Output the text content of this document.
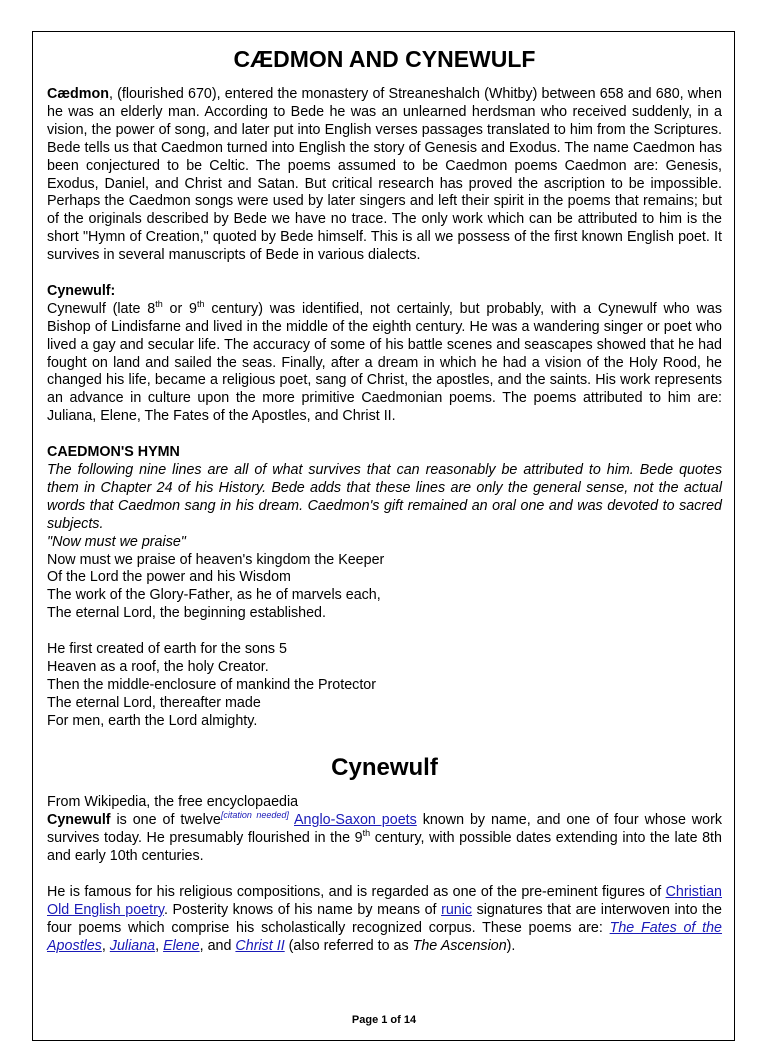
CÆDMON AND CYNEWULF

Cædmon, (flourished 670), entered the monastery of Streaneshalch (Whitby) between 658 and 680, when he was an elderly man. According to Bede he was an unlearned herdsman who received suddenly, in a vision, the power of song, and later put into English verses passages translated to him from the Scriptures. Bede tells us that Caedmon turned into English the story of Genesis and Exodus. The name Caedmon has been conjectured to be Celtic. The poems assumed to be Caedmon poems Caedmon are: Genesis, Exodus, Daniel, and Christ and Satan. But critical research has proved the ascription to be impossible. Perhaps the Caedmon songs were used by later singers and left their spirit in the poems that remains; but of the originals described by Bede we have no trace. The only work which can be attributed to him is the short "Hymn of Creation," quoted by Bede himself. This is all we possess of the first known English poet. It survives in several manuscripts of Bede in various dialects.

Cynewulf:

Cynewulf (late 8th or 9th century) was identified, not certainly, but probably, with a Cynewulf who was Bishop of Lindisfarne and lived in the middle of the eighth century. He was a wandering singer or poet who lived a gay and secular life. The accuracy of some of his battle scenes and seascapes showed that he had fought on land and sailed the seas. Finally, after a dream in which he had a vision of the Holy Rood, he changed his life, became a religious poet, sang of Christ, the apostles, and the saints. His work represents an advance in culture upon the more primitive Caedmonian poems. The poems attributed to him are: Juliana, Elene, The Fates of the Apostles, and Christ II.

CAEDMON'S HYMN

The following nine lines are all of what survives that can reasonably be attributed to him. Bede quotes them in Chapter 24 of his History. Bede adds that these lines are only the general sense, not the actual words that Caedmon sang in his dream. Caedmon's gift remained an oral one and was devoted to sacred subjects.

"Now must we praise"

Now must we praise of heaven's kingdom the Keeper

Of the Lord the power and his Wisdom

The work of the Glory-Father, as he of marvels each,

The eternal Lord, the beginning established.

He first created of earth for the sons 5

Heaven as a roof, the holy Creator.

Then the middle-enclosure of mankind the Protector

The eternal Lord, thereafter made

For men, earth the Lord almighty.

Cynewulf

From Wikipedia, the free encyclopaedia

Cynewulf is one of twelve[citation needed] Anglo-Saxon poets known by name, and one of four whose work survives today. He presumably flourished in the 9th century, with possible dates extending into the late 8th and early 10th centuries.

He is famous for his religious compositions, and is regarded as one of the pre-eminent figures of Christian Old English poetry. Posterity knows of his name by means of runic signatures that are interwoven into the four poems which comprise his scholastically recognized corpus. These poems are: The Fates of the Apostles, Juliana, Elene, and Christ II (also referred to as The Ascension).

Page 1 of 14
